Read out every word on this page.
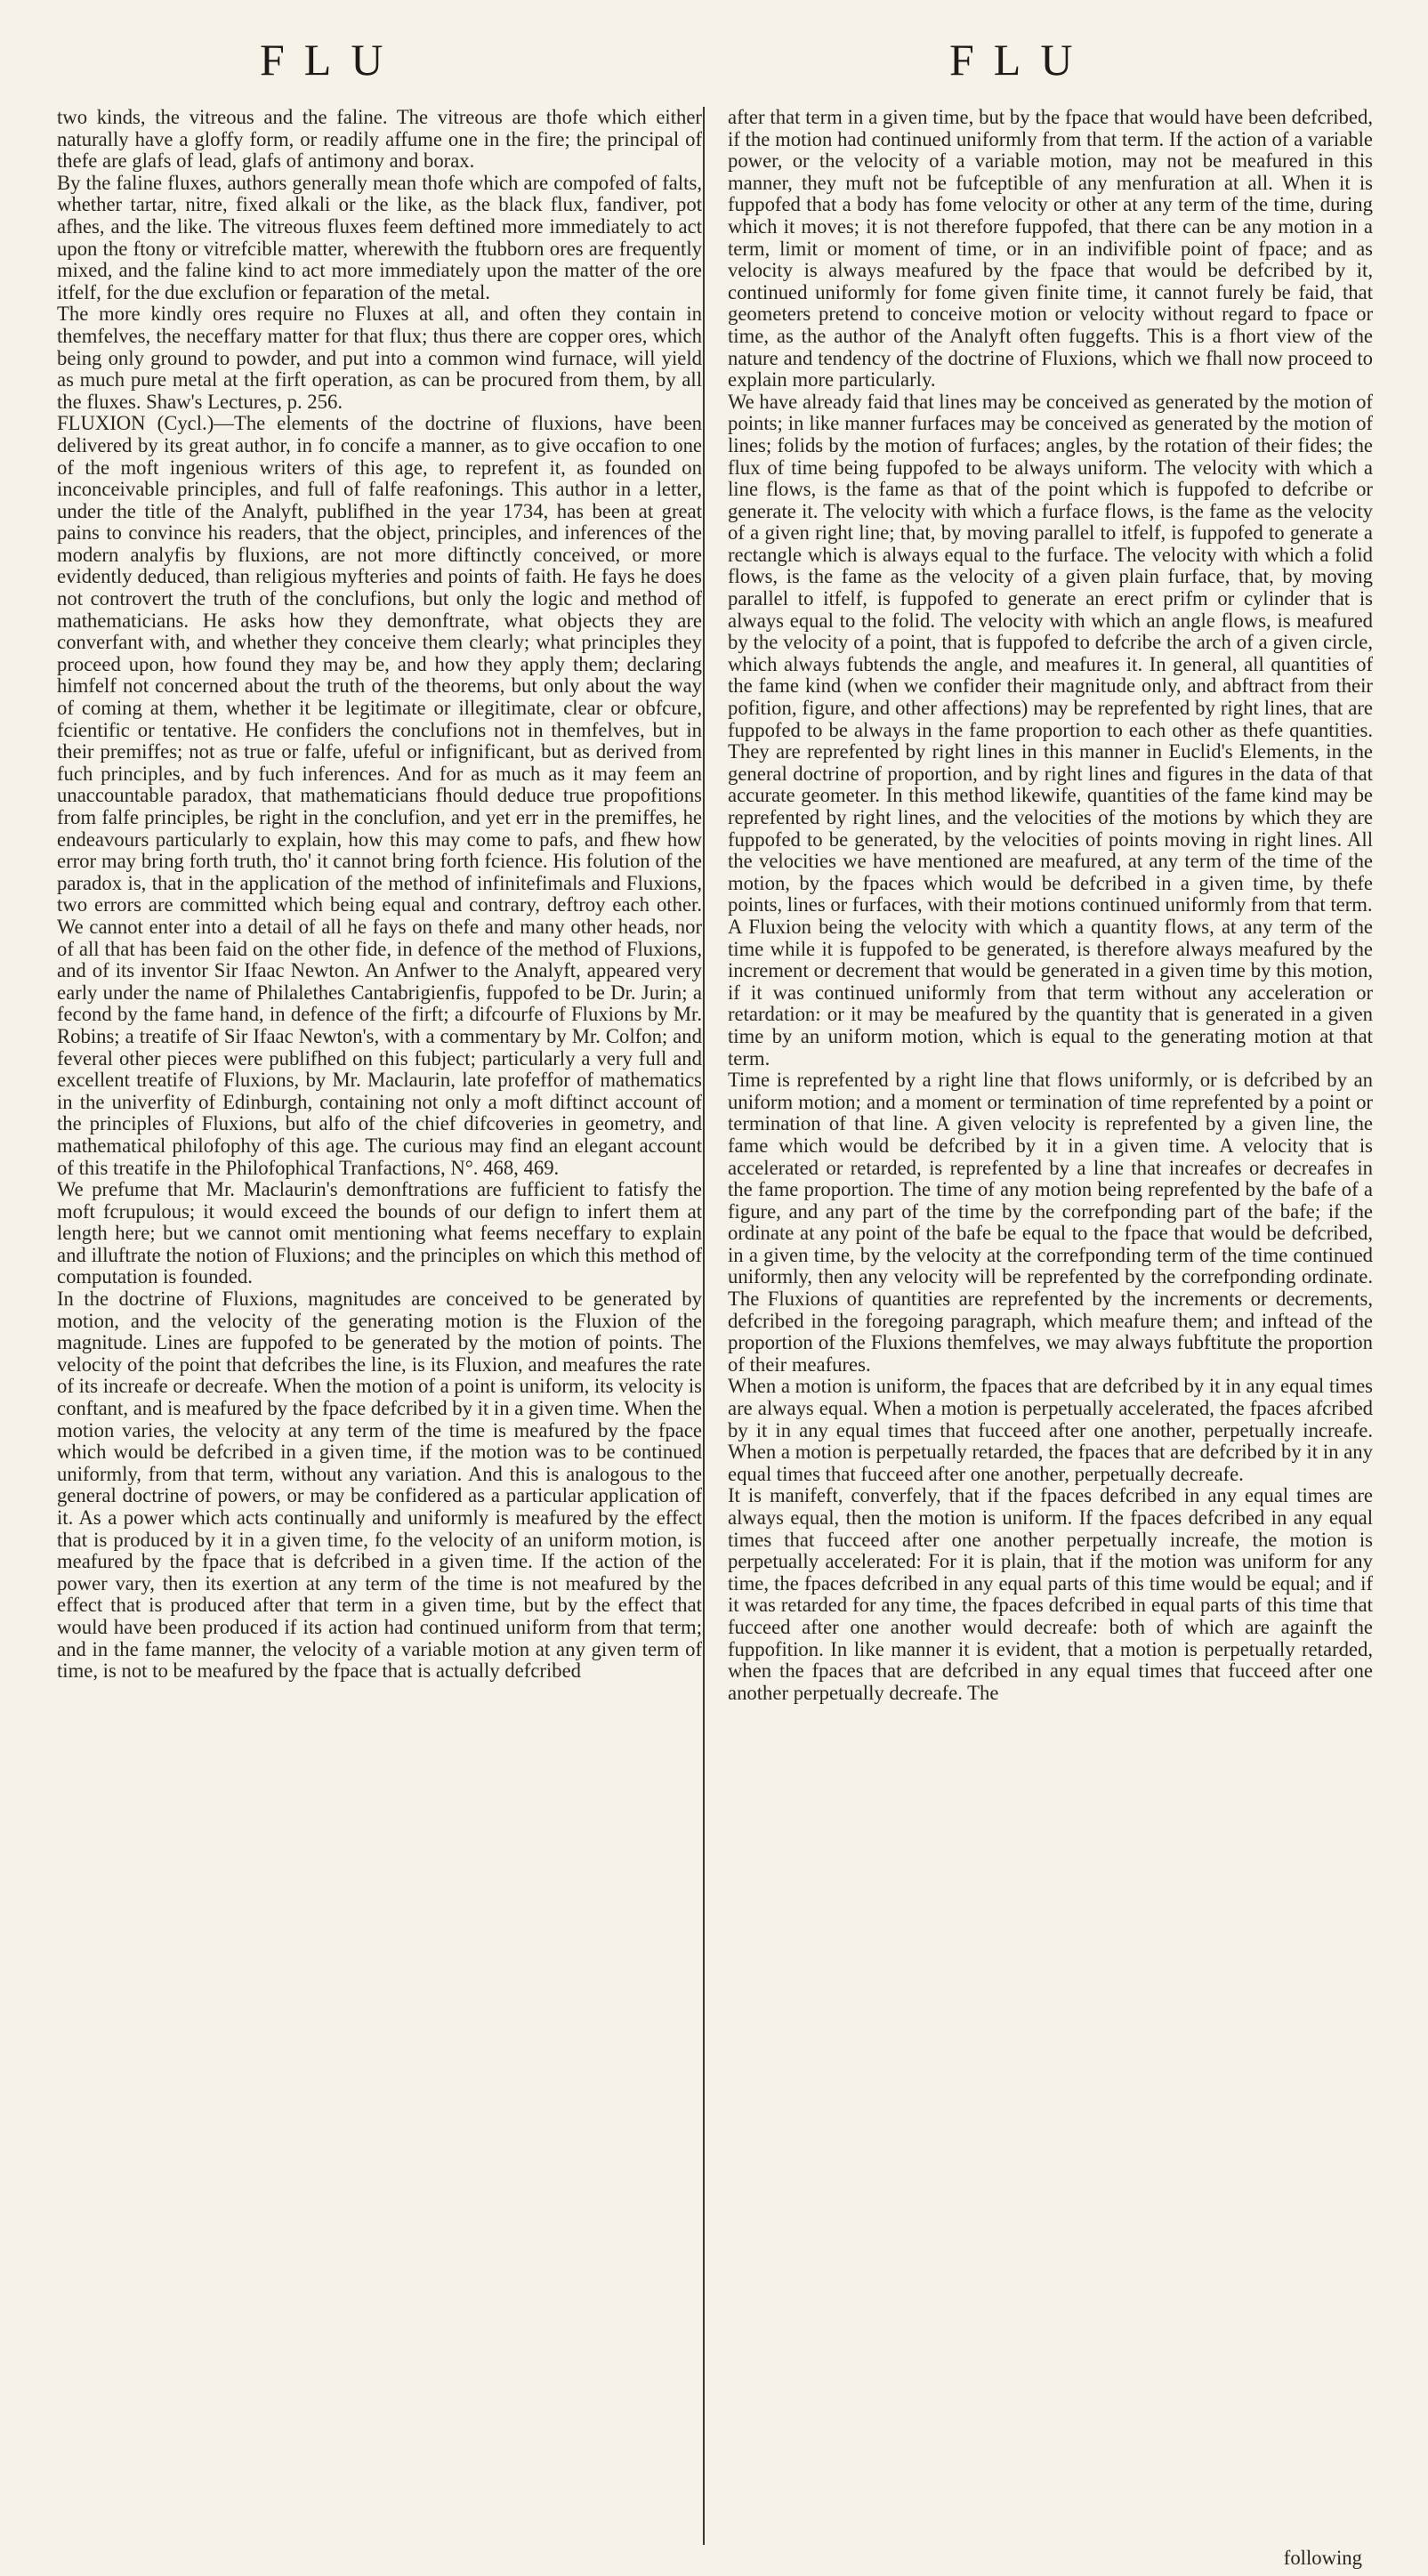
FLU	FLU

two kinds, the vitreous and the faline. The vitreous are thofe which either naturally have a gloffy form, or readily affume one in the fire; the principal of thefe are glafs of lead, glafs of antimony and borax.

By the faline fluxes, authors generally mean thofe which are compofed of falts, whether tartar, nitre, fixed alkali or the like, as the black flux, fandiver, pot afhes, and the like. The vitreous fluxes feem deftined more immediately to act upon the ftony or vitrefcible matter, wherewith the ftubborn ores are frequently mixed, and the faline kind to act more immediately upon the matter of the ore itfelf, for the due exclufion or feparation of the metal.

The more kindly ores require no Fluxes at all, and often they contain in themfelves, the neceffary matter for that flux; thus there are copper ores, which being only ground to powder, and put into a common wind furnace, will yield as much pure metal at the firft operation, as can be procured from them, by all the fluxes. Shaw's Lectures, p. 256.

FLUXION (Cycl.)—The elements of the doctrine of fluxions, have been delivered by its great author, in fo concife a manner, as to give occafion to one of the moft ingenious writers of this age, to reprefent it, as founded on inconceivable principles, and full of falfe reafonings. This author in a letter, under the title of the Analyft, publifhed in the year 1734, has been at great pains to convince his readers, that the object, principles, and inferences of the modern analyfis by fluxions, are not more diftinctly conceived, or more evidently deduced, than religious myfteries and points of faith. He fays he does not controvert the truth of the conclufions, but only the logic and method of mathematicians. He asks how they demonftrate, what objects they are converfant with, and whether they conceive them clearly; what principles they proceed upon, how found they may be, and how they apply them; declaring himfelf not concerned about the truth of the theorems, but only about the way of coming at them, whether it be legitimate or illegitimate, clear or obfcure, fcientific or tentative. He confiders the conclufions not in themfelves, but in their premiffes; not as true or falfe, ufeful or infignificant, but as derived from fuch principles, and by fuch inferences. And for as much as it may feem an unaccountable paradox, that mathematicians fhould deduce true propofitions from falfe principles, be right in the conclufion, and yet err in the premiffes, he endeavours particularly to explain, how this may come to pafs, and fhew how error may bring forth truth, tho' it cannot bring forth fcience. His folution of the paradox is, that in the application of the method of infinitefimals and Fluxions, two errors are committed which being equal and contrary, deftroy each other. We cannot enter into a detail of all he fays on thefe and many other heads, nor of all that has been faid on the other fide, in defence of the method of Fluxions, and of its inventor Sir Ifaac Newton. An Anfwer to the Analyft, appeared very early under the name of Philalethes Cantabrigienfis, fuppofed to be Dr. Jurin; a fecond by the fame hand, in defence of the firft; a difcourfe of Fluxions by Mr. Robins; a treatife of Sir Ifaac Newton's, with a commentary by Mr. Colfon; and feveral other pieces were publifhed on this fubject; particularly a very full and excellent treatife of Fluxions, by Mr. Maclaurin, late profeffor of mathematics in the univerfity of Edinburgh, containing not only a moft diftinct account of the principles of Fluxions, but alfo of the chief difcoveries in geometry, and mathematical philofophy of this age. The curious may find an elegant account of this treatife in the Philofophical Tranfactions, N°. 468, 469.

We prefume that Mr. Maclaurin's demonftrations are fufficient to fatisfy the moft fcrupulous; it would exceed the bounds of our defign to infert them at length here; but we cannot omit mentioning what feems neceffary to explain and illuftrate the notion of Fluxions; and the principles on which this method of computation is founded.

In the doctrine of Fluxions, magnitudes are conceived to be generated by motion, and the velocity of the generating motion is the Fluxion of the magnitude. Lines are fuppofed to be generated by the motion of points. The velocity of the point that defcribes the line, is its Fluxion, and meafures the rate of its increafe or decreafe. When the motion of a point is uniform, its velocity is conftant, and is meafured by the fpace defcribed by it in a given time. When the motion varies, the velocity at any term of the time is meafured by the fpace which would be defcribed in a given time, if the motion was to be continued uniformly, from that term, without any variation. And this is analogous to the general doctrine of powers, or may be confidered as a particular application of it. As a power which acts continually and uniformly is meafured by the effect that is produced by it in a given time, fo the velocity of an uniform motion, is meafured by the fpace that is defcribed in a given time. If the action of the power vary, then its exertion at any term of the time is not meafured by the effect that is produced after that term in a given time, but by the effect that would have been produced if its action had continued uniform from that term; and in the fame manner, the velocity of a variable motion at any given term of time, is not to be meafured by the fpace that is actually defcribed

after that term in a given time, but by the fpace that would have been defcribed, if the motion had continued uniformly from that term. If the action of a variable power, or the velocity of a variable motion, may not be meafured in this manner, they muft not be fufceptible of any menfuration at all. When it is fuppofed that a body has fome velocity or other at any term of the time, during which it moves; it is not therefore fuppofed, that there can be any motion in a term, limit or moment of time, or in an indivifible point of fpace; and as velocity is always meafured by the fpace that would be defcribed by it, continued uniformly for fome given finite time, it cannot furely be faid, that geometers pretend to conceive motion or velocity without regard to fpace or time, as the author of the Analyft often fuggefts. This is a fhort view of the nature and tendency of the doctrine of Fluxions, which we fhall now proceed to explain more particularly.

We have already faid that lines may be conceived as generated by the motion of points; in like manner furfaces may be conceived as generated by the motion of lines; folids by the motion of furfaces; angles, by the rotation of their fides; the flux of time being fuppofed to be always uniform. The velocity with which a line flows, is the fame as that of the point which is fuppofed to defcribe or generate it. The velocity with which a furface flows, is the fame as the velocity of a given right line; that, by moving parallel to itfelf, is fuppofed to generate a rectangle which is always equal to the furface. The velocity with which a folid flows, is the fame as the velocity of a given plain furface, that, by moving parallel to itfelf, is fuppofed to generate an erect prifm or cylinder that is always equal to the folid. The velocity with which an angle flows, is meafured by the velocity of a point, that is fuppofed to defcribe the arch of a given circle, which always fubtends the angle, and meafures it. In general, all quantities of the fame kind (when we confider their magnitude only, and abftract from their pofition, figure, and other affections) may be reprefented by right lines, that are fuppofed to be always in the fame proportion to each other as thefe quantities. They are reprefented by right lines in this manner in Euclid's Elements, in the general doctrine of proportion, and by right lines and figures in the data of that accurate geometer. In this method likewife, quantities of the fame kind may be reprefented by right lines, and the velocities of the motions by which they are fuppofed to be generated, by the velocities of points moving in right lines. All the velocities we have mentioned are meafured, at any term of the time of the motion, by the fpaces which would be defcribed in a given time, by thefe points, lines or furfaces, with their motions continued uniformly from that term.

A Fluxion being the velocity with which a quantity flows, at any term of the time while it is fuppofed to be generated, is therefore always meafured by the increment or decrement that would be generated in a given time by this motion, if it was continued uniformly from that term without any acceleration or retardation: or it may be meafured by the quantity that is generated in a given time by an uniform motion, which is equal to the generating motion at that term.

Time is reprefented by a right line that flows uniformly, or is defcribed by an uniform motion; and a moment or termination of time reprefented by a point or termination of that line. A given velocity is reprefented by a given line, the fame which would be defcribed by it in a given time. A velocity that is accelerated or retarded, is reprefented by a line that increafes or decreafes in the fame proportion. The time of any motion being reprefented by the bafe of a figure, and any part of the time by the correfponding part of the bafe; if the ordinate at any point of the bafe be equal to the fpace that would be defcribed, in a given time, by the velocity at the correfponding term of the time continued uniformly, then any velocity will be reprefented by the correfponding ordinate. The Fluxions of quantities are reprefented by the increments or decrements, defcribed in the foregoing paragraph, which meafure them; and inftead of the proportion of the Fluxions themfelves, we may always fubftitute the proportion of their meafures.

When a motion is uniform, the fpaces that are defcribed by it in any equal times are always equal. When a motion is perpetually accelerated, the fpaces afcribed by it in any equal times that fucceed after one another, perpetually increafe. When a motion is perpetually retarded, the fpaces that are defcribed by it in any equal times that fucceed after one another, perpetually decreafe.

It is manifeft, converfely, that if the fpaces defcribed in any equal times are always equal, then the motion is uniform. If the fpaces defcribed in any equal times that fucceed after one another perpetually increafe, the motion is perpetually accelerated: For it is plain, that if the motion was uniform for any time, the fpaces defcribed in any equal parts of this time would be equal; and if it was retarded for any time, the fpaces defcribed in equal parts of this time that fucceed after one another would decreafe: both of which are againft the fuppofition. In like manner it is evident, that a motion is perpetually retarded, when the fpaces that are defcribed in any equal times that fucceed after one another perpetually decreafe. The

following
